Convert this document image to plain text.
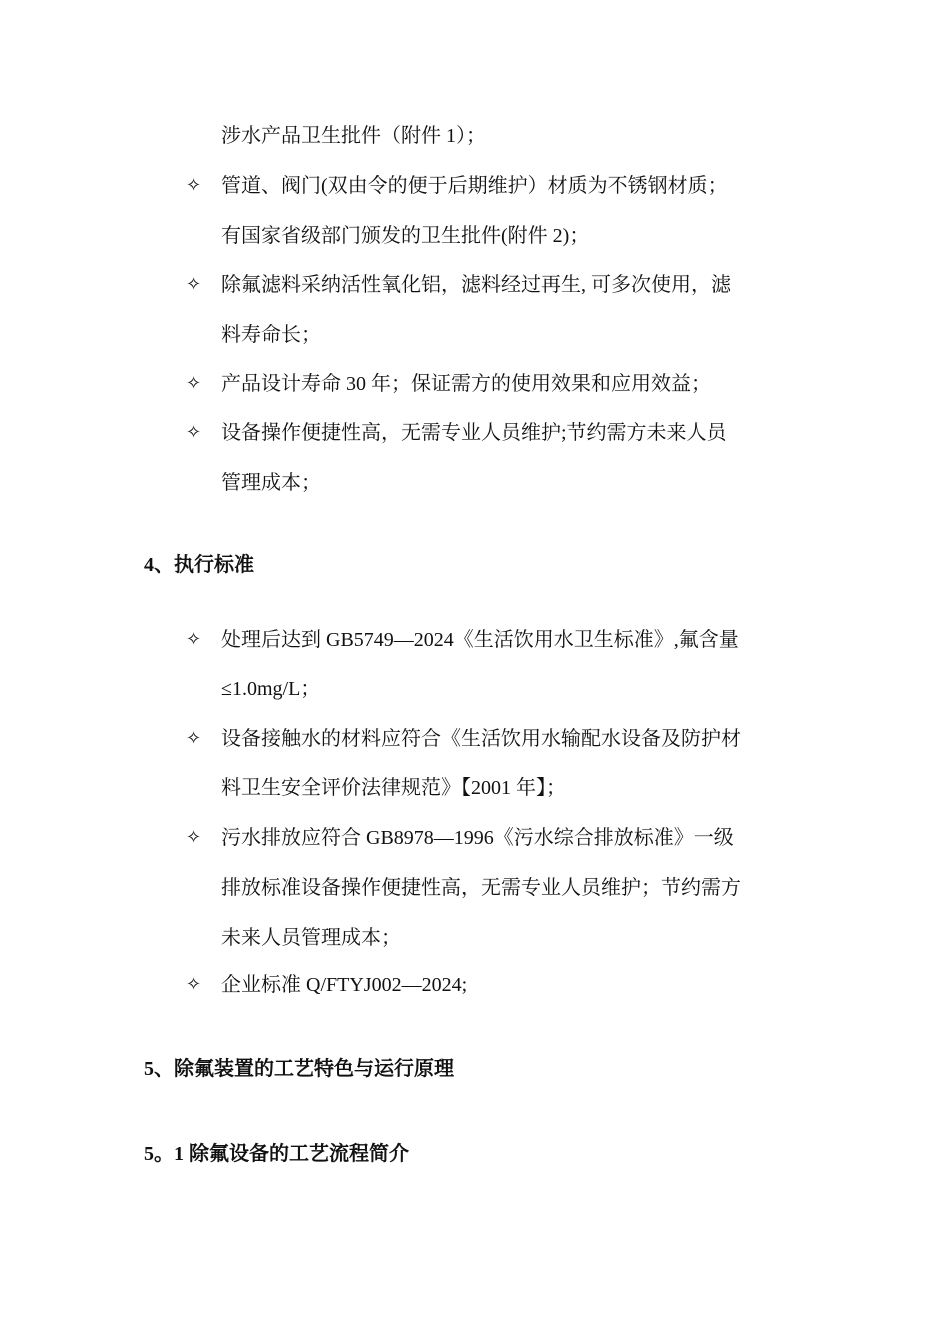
涉水产品卫生批件（附件 1）；
✧ 管道、阀门(双由令的便于后期维护）材质为不锈钢材质；
有国家省级部门颁发的卫生批件(附件 2)；
✧ 除氟滤料采纳活性氧化铝，滤料经过再生, 可多次使用，滤
料寿命长；
✧ 产品设计寿命 30 年；保证需方的使用效果和应用效益；
✧ 设备操作便捷性高，无需专业人员维护;节约需方未来人员
管理成本；
4、执行标准
✧ 处理后达到 GB5749—2024《生活饮用水卫生标准》,氟含量
≤1.0mg/L；
✧ 设备接触水的材料应符合《生活饮用水输配水设备及防护材
料卫生安全评价法律规范》【2001 年】；
✧ 污水排放应符合 GB8978—1996《污水综合排放标准》一级
排放标准设备操作便捷性高，无需专业人员维护；节约需方
未来人员管理成本；
✧ 企业标准 Q/FTYJ002—2024;
5、除氟装置的工艺特色与运行原理
5。1 除氟设备的工艺流程简介
